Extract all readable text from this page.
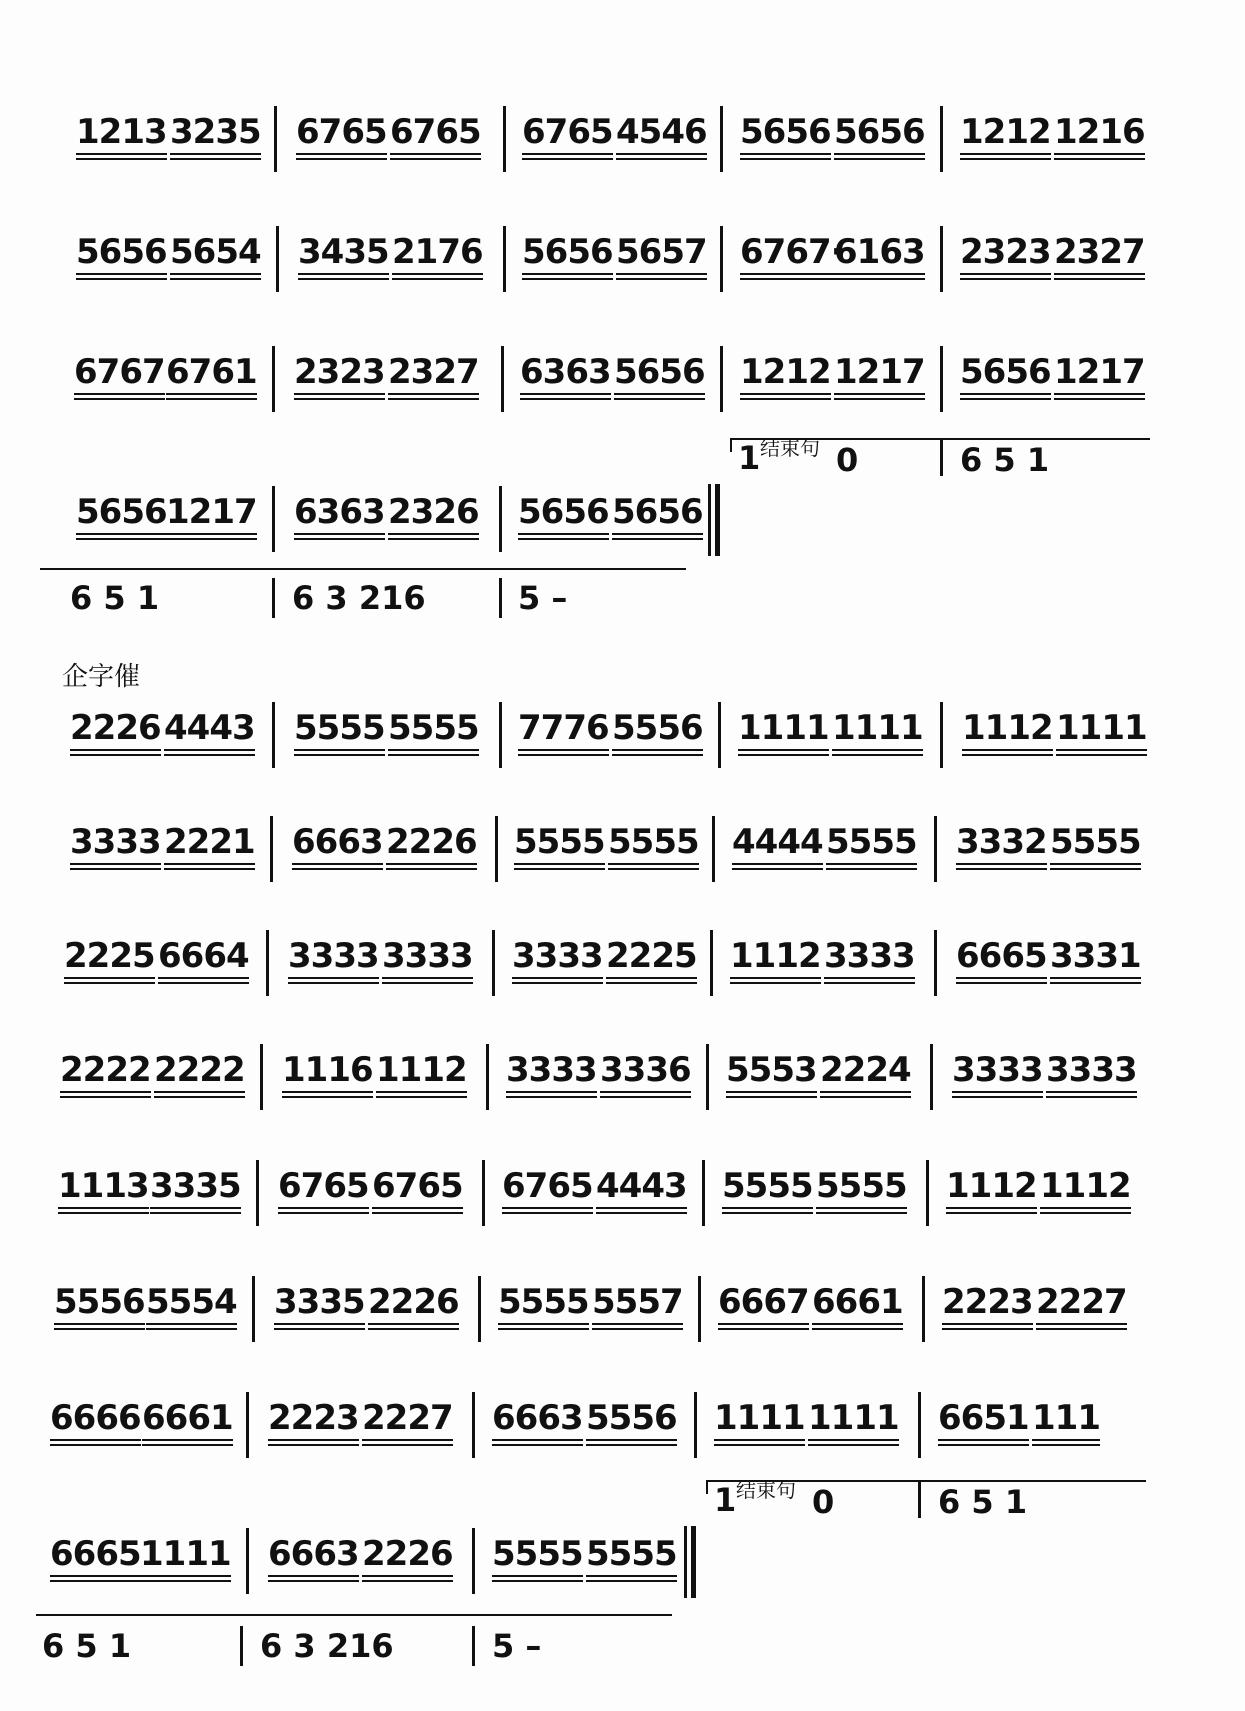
1213 3235 6765 6765 6765 4546 5656 5656 1212 1216
5656 5654 3435 2176 5656 5657 6767·
6163 2323 2327
6767 6761 2323 2327 6363 5656 1212 1217 5656 1217
1 结束句 0	6 5 1
5656 1217 6363 2326 5656 5656
6 5 1	6 3 216	5 –
企字催
2226 4443 5555 5555 7776 5556 1111 1111 1112 1111
3333 2221 6663 2226 5555 5555 4444 5555 3332 5555
2225 6664 3333 3333 3333 2225 1112 3333 6665 3331
2222 2222 1116 1112 3333 3336 5553 2224 3333 3333
1113 3335 6765 6765 6765 4443 5555 5555 1112 1112
5556 5554 3335 2226 5555 5557 6667 6661 2223 2227
6666 6661 2223 2227 6663 5556 1111 1111 6651 111
1 结束句 0	6 5 1
6665 1111 6663 2226 5555 5555
6 5 1	6 3 216	5 –
